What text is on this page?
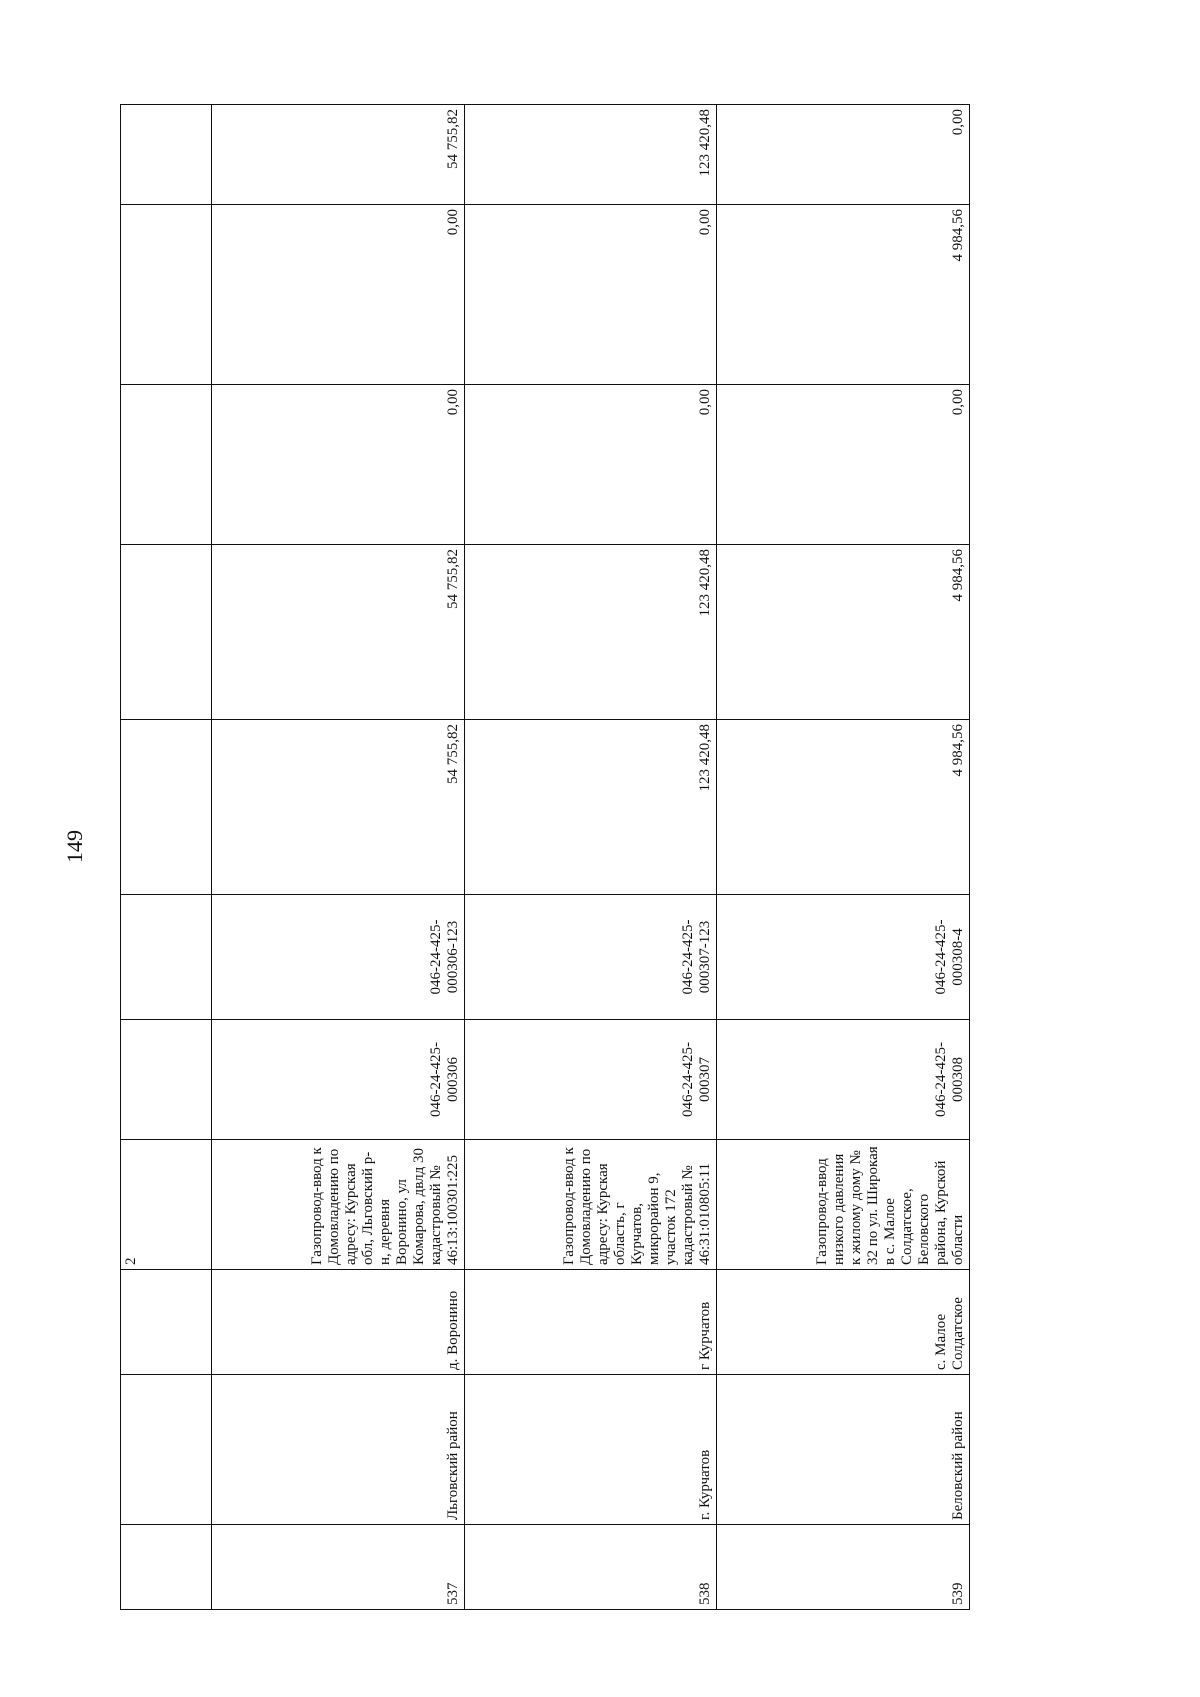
149
			2							
537	Льговский район	д. Воронино	Газопровод-ввод к Домовладению по адресу: Курская обл, Льговский р-н, деревня Воронино, ул Комарова, двлд 30 кадастровый № 46:13:100301:225	046-24-425-000306	046-24-425-000306-123	54 755,82	54 755,82	0,00	0,00	54 755,82
538	г. Курчатов	г Курчатов	Газопровод-ввод к Домовладению по адресу: Курская область, г Курчатов, микрорайон 9, участок 172 кадастровый № 46:31:010805:11	046-24-425-000307	046-24-425-000307-123	123 420,48	123 420,48	0,00	0,00	123 420,48
539	Беловский район	с. Малое Солдатское	Газопровод-ввод низкого давления к жилому дому № 32 по ул. Широкая в с. Малое Солдатское, Беловского района, Курской области	046-24-425-000308	046-24-425-000308-4	4 984,56	4 984,56	0,00	4 984,56	0,00
